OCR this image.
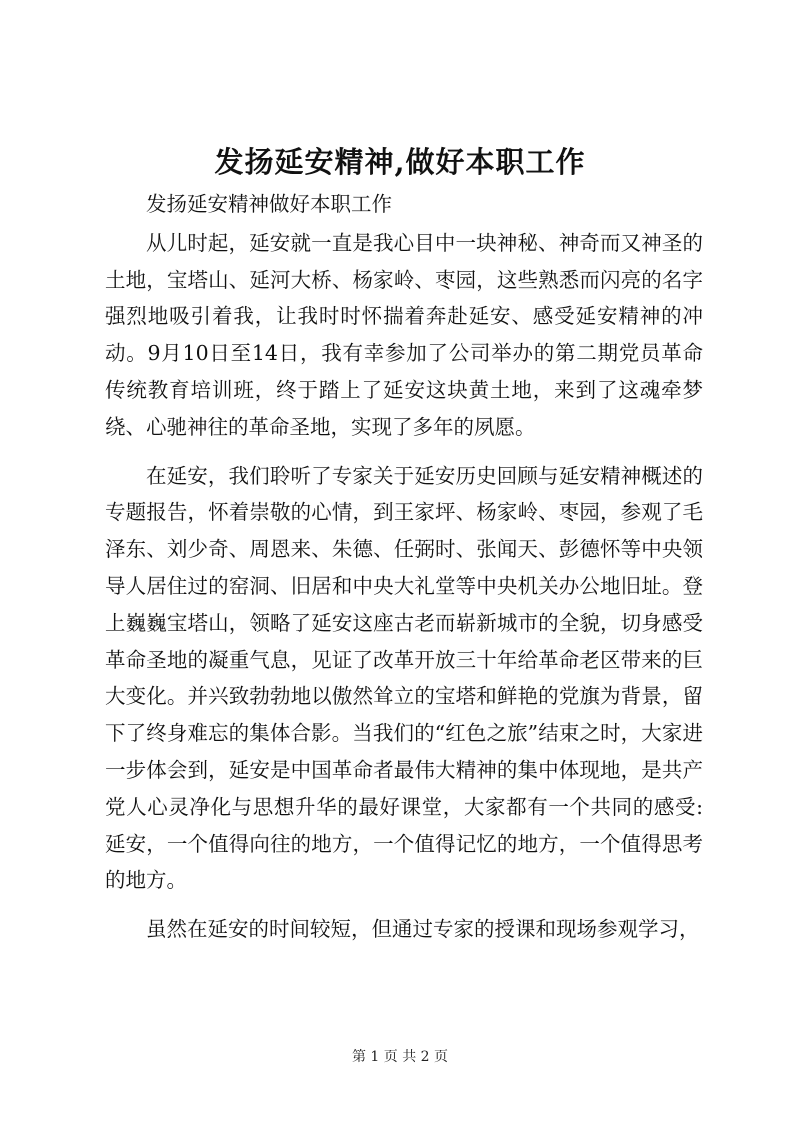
发扬延安精神,做好本职工作

发扬延安精神做好本职工作

从儿时起，延安就一直是我心目中一块神秘、神奇而又神圣的土地，宝塔山、延河大桥、杨家岭、枣园，这些熟悉而闪亮的名字强烈地吸引着我，让我时时怀揣着奔赴延安、感受延安精神的冲动。9月10日至14日，我有幸参加了公司举办的第二期党员革命传统教育培训班，终于踏上了延安这块黄土地，来到了这魂牵梦绕、心驰神往的革命圣地，实现了多年的夙愿。

在延安，我们聆听了专家关于延安历史回顾与延安精神概述的专题报告，怀着崇敬的心情，到王家坪、杨家岭、枣园，参观了毛泽东、刘少奇、周恩来、朱德、任弼时、张闻天、彭德怀等中央领导人居住过的窑洞、旧居和中央大礼堂等中央机关办公地旧址。登上巍巍宝塔山，领略了延安这座古老而崭新城市的全貌，切身感受革命圣地的凝重气息，见证了改革开放三十年给革命老区带来的巨大变化。并兴致勃勃地以傲然耸立的宝塔和鲜艳的党旗为背景，留下了终身难忘的集体合影。当我们的“红色之旅”结束之时，大家进一步体会到，延安是中国革命者最伟大精神的集中体现地，是共产党人心灵净化与思想升华的最好课堂，大家都有一个共同的感受: 延安，一个值得向往的地方，一个值得记忆的地方，一个值得思考的地方。

虽然在延安的时间较短，但通过专家的授课和现场参观学习，

第 1 页 共 2 页
